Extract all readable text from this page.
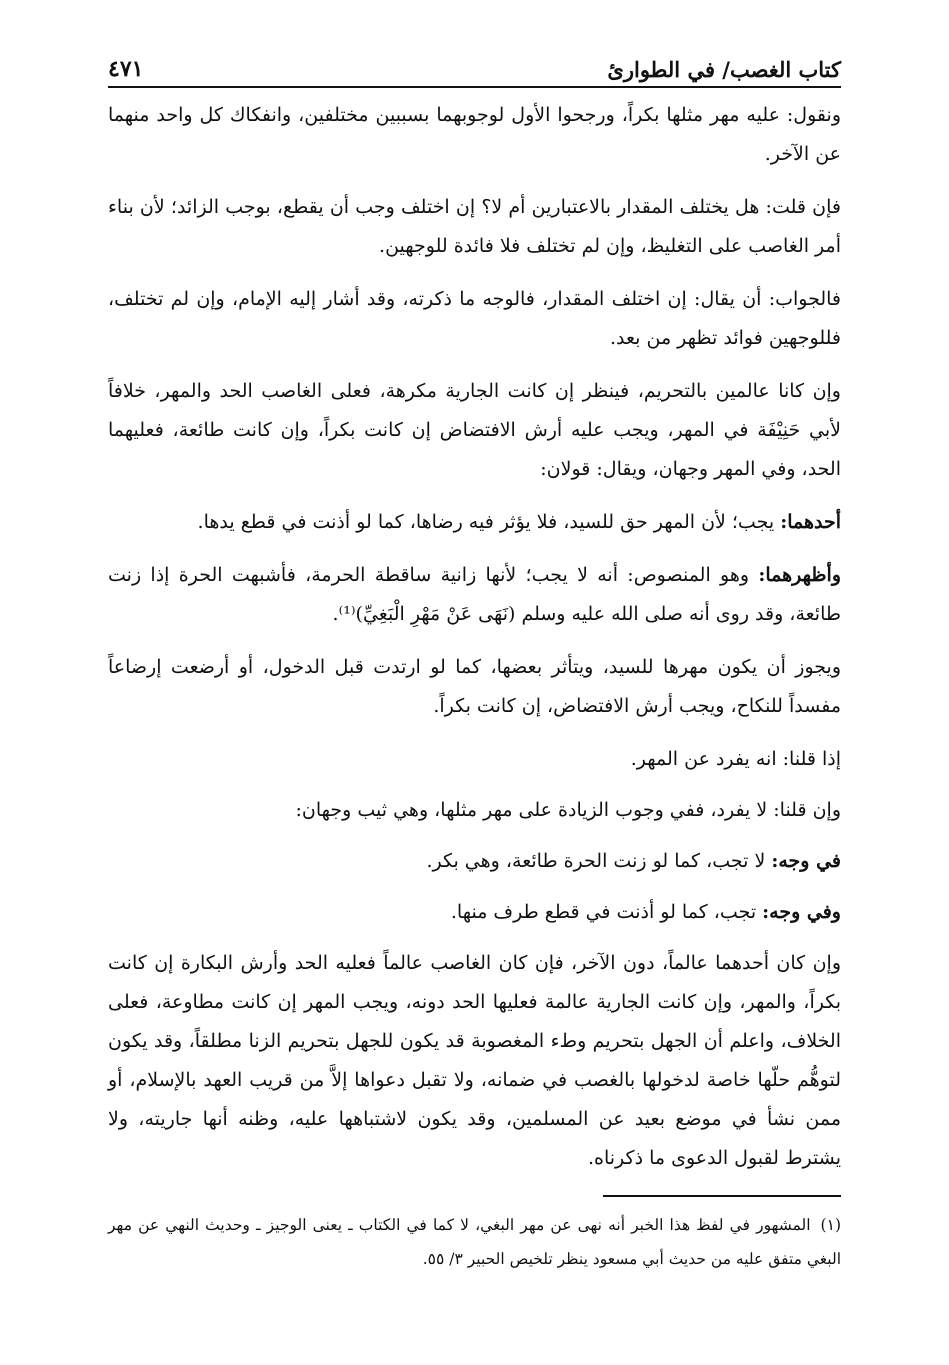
كتاب الغصب/ في الطوارئ
٤٧١

ونقول: عليه مهر مثلها بكراً، ورجحوا الأول لوجوبهما بسببين مختلفين، وانفكاك كل واحد منهما عن الآخر.

فإن قلت: هل يختلف المقدار بالاعتبارين أم لا؟ إن اختلف وجب أن يقطع، بوجب الزائد؛ لأن بناء أمر الغاصب على التغليظ، وإن لم تختلف فلا فائدة للوجهين.

فالجواب: أن يقال: إن اختلف المقدار، فالوجه ما ذكرته، وقد أشار إليه الإمام، وإن لم تختلف، فللوجهين فوائد تظهر من بعد.

وإن كانا عالمين بالتحريم، فينظر إن كانت الجارية مكرهة، فعلى الغاصب الحد والمهر، خلافاً لأبي حَنِيْفَة في المهر، ويجب عليه أرش الافتضاض إن كانت بكراً، وإن كانت طائعة، فعليهما الحد، وفي المهر وجهان، ويقال: قولان:

أحدهما: يجب؛ لأن المهر حق للسيد، فلا يؤثر فيه رضاها، كما لو أذنت في قطع يدها.

وأظهرهما: وهو المنصوص: أنه لا يجب؛ لأنها زانية ساقطة الحرمة، فأشبهت الحرة إذا زنت طائعة، وقد روى أنه صلى الله عليه وسلم (نَهَى عَنْ مَهْرِ الْبَغِيِّ)⁽¹⁾.

ويجوز أن يكون مهرها للسيد، ويتأثر بعضها، كما لو ارتدت قبل الدخول، أو أرضعت إرضاعاً مفسداً للنكاح، ويجب أرش الافتضاض، إن كانت بكراً.

إذا قلنا: انه يفرد عن المهر.

وإن قلنا: لا يفرد، ففي وجوب الزيادة على مهر مثلها، وهي ثيب وجهان:

في وجه: لا تجب، كما لو زنت الحرة طائعة، وهي بكر.

وفي وجه: تجب، كما لو أذنت في قطع طرف منها.

وإن كان أحدهما عالماً، دون الآخر، فإن كان الغاصب عالماً فعليه الحد وأرش البكارة إن كانت بكراً، والمهر، وإن كانت الجارية عالمة فعليها الحد دونه، ويجب المهر إن كانت مطاوعة، فعلى الخلاف، واعلم أن الجهل بتحريم وطء المغصوبة قد يكون للجهل بتحريم الزنا مطلقاً، وقد يكون لتوهُّم حلّها خاصة لدخولها بالغصب في ضمانه، ولا تقبل دعواها إلاَّ من قريب العهد بالإسلام، أو ممن نشأ في موضع بعيد عن المسلمين، وقد يكون لاشتباهها عليه، وظنه أنها جاريته، ولا يشترط لقبول الدعوى ما ذكرناه.

(١)المشهور في لفظ هذا الخبر أنه نهى عن مهر البغي، لا كما في الكتاب ـ يعنى الوجيز ـ وحديث النهي عن مهر البغي متفق عليه من حديث أبي مسعود ينظر تلخيص الحبير ٣/ ٥٥.
